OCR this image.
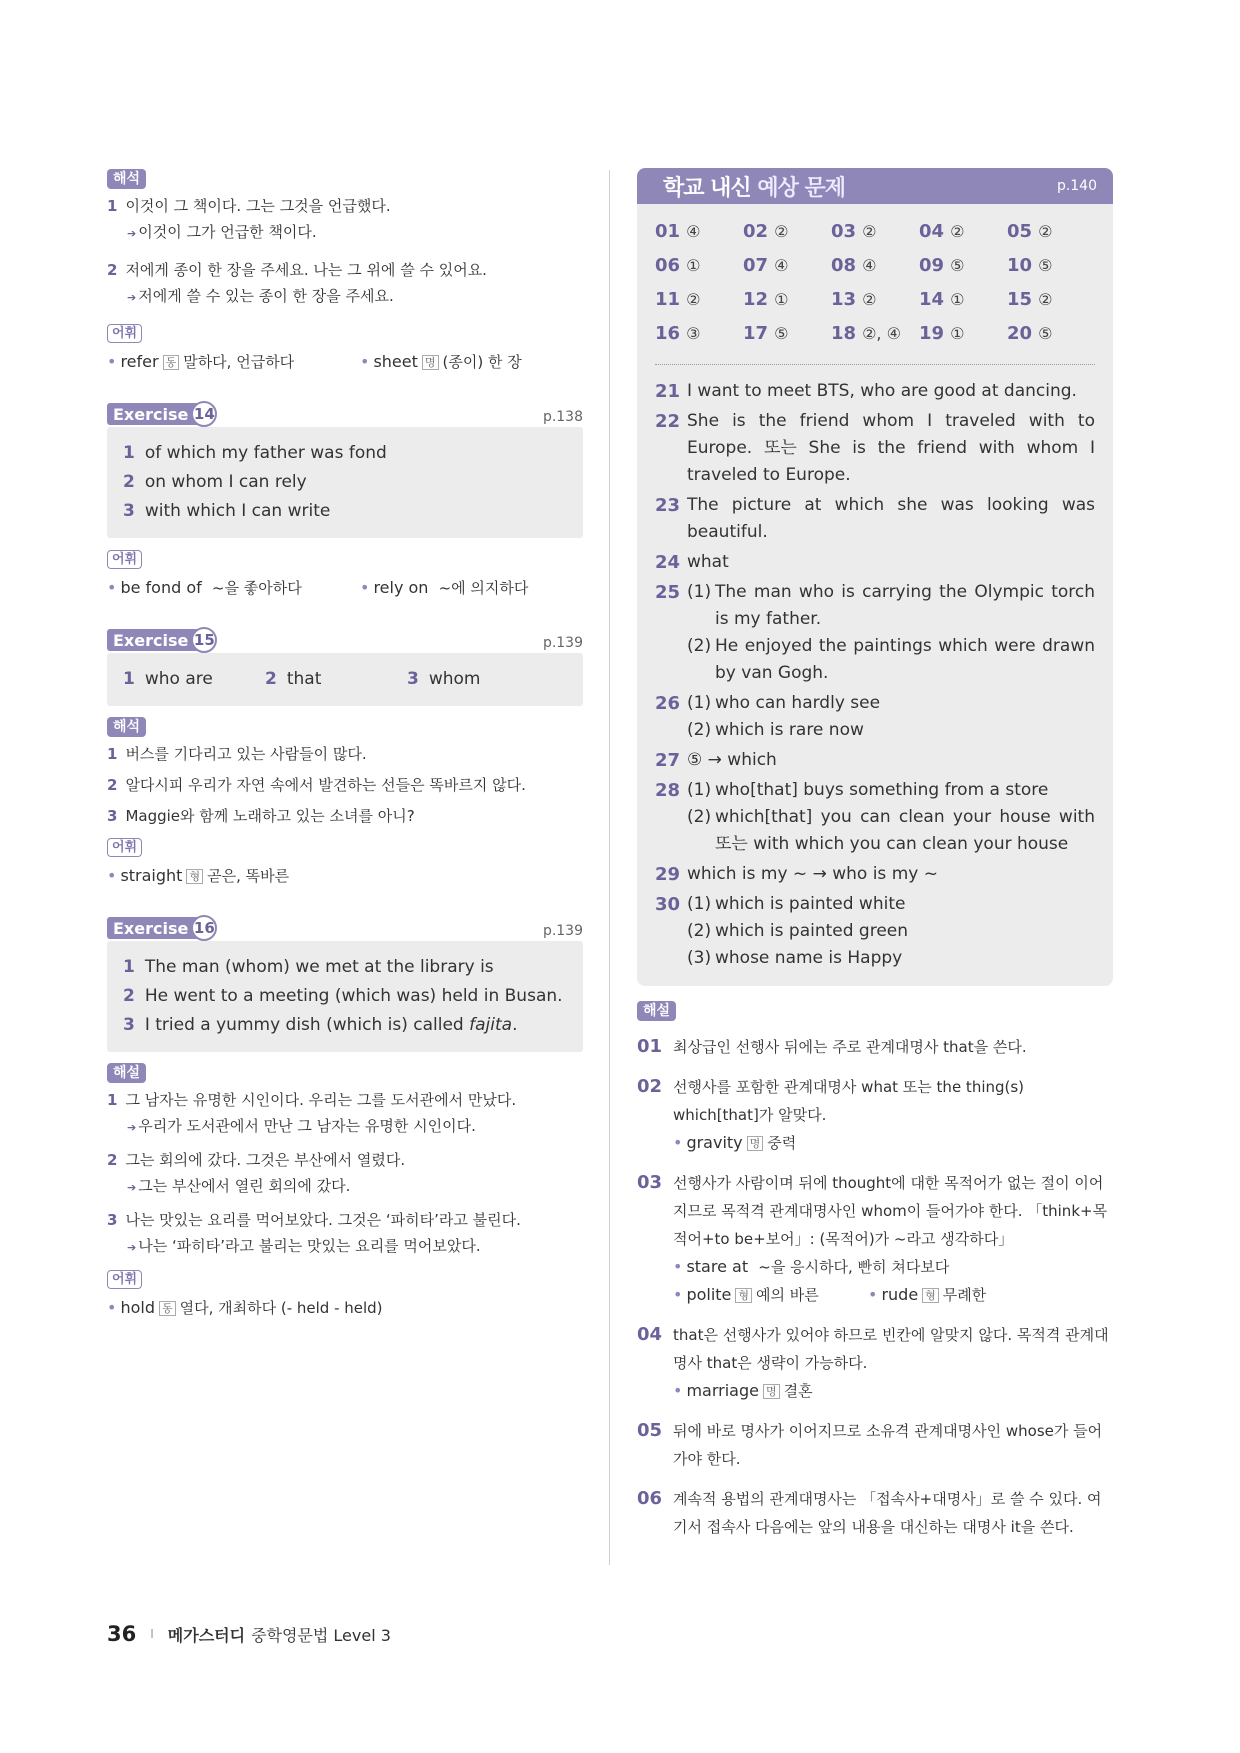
해석
1 이것이 그 책이다. 그는 그것을 언급했다.
➔ 이것이 그가 언급한 책이다.
2 저에게 종이 한 장을 주세요. 나는 그 위에 쓸 수 있어요.
➔ 저에게 쓸 수 있는 종이 한 장을 주세요.
어휘
• refer 동 말하다, 언급하다	• sheet 명 (종이) 한 장
Exercise 14	p.138
1 of which my father was fond
2 on whom I can rely
3 with which I can write
어휘
• be fond of ~을 좋아하다	• rely on ~에 의지하다
Exercise 15	p.139
1 who are	2 that	3 whom
해석
1 버스를 기다리고 있는 사람들이 많다.
2 알다시피 우리가 자연 속에서 발견하는 선들은 똑바르지 않다.
3 Maggie와 함께 노래하고 있는 소녀를 아니?
어휘
• straight 형 곧은, 똑바른
Exercise 16	p.139
1 The man (whom) we met at the library is
2 He went to a meeting (which was) held in Busan.
3 I tried a yummy dish (which is) called fajita.
해설
1 그 남자는 유명한 시인이다. 우리는 그를 도서관에서 만났다.
➔ 우리가 도서관에서 만난 그 남자는 유명한 시인이다.
2 그는 회의에 갔다. 그것은 부산에서 열렸다.
➔ 그는 부산에서 열린 회의에 갔다.
3 나는 맛있는 요리를 먹어보았다. 그것은 ‘파히타’라고 불린다.
➔ 나는 ‘파히타’라고 불리는 맛있는 요리를 먹어보았다.
어휘
• hold 동 열다, 개최하다 (- held - held)
학교 내신 예상 문제	p.140
01 ④	02 ②	03 ②	04 ②	05 ②
06 ①	07 ④	08 ④	09 ⑤	10 ⑤
11 ②	12 ①	13 ②	14 ①	15 ②
16 ③	17 ⑤	18 ②, ④	19 ①	20 ⑤
21 I want to meet BTS, who are good at dancing.
22 She is the friend whom I traveled with to Europe. 또는 She is the friend with whom I traveled to Europe.
23 The picture at which she was looking was beautiful.
24 what
25 (1) The man who is carrying the Olympic torch is my father.
(2) He enjoyed the paintings which were drawn by van Gogh.
26 (1) who can hardly see
(2) which is rare now
27 ⑤ → which
28 (1) who[that] buys something from a store
(2) which[that] you can clean your house with 또는 with which you can clean your house
29 which is my ~ → who is my ~
30 (1) which is painted white
(2) which is painted green
(3) whose name is Happy
해설
01 최상급인 선행사 뒤에는 주로 관계대명사 that을 쓴다.
02 선행사를 포함한 관계대명사 what 또는 the thing(s) which[that]가 알맞다.
• gravity 명 중력
03 선행사가 사람이며 뒤에 thought에 대한 목적어가 없는 절이 이어지므로 목적격 관계대명사인 whom이 들어가야 한다. 「think+목적어+to be+보어」: (목적어)가 ~라고 생각하다」
• stare at ~을 응시하다, 빤히 쳐다보다
• polite 형 예의 바른	• rude 형 무례한
04 that은 선행사가 있어야 하므로 빈칸에 알맞지 않다. 목적격 관계대명사 that은 생략이 가능하다.
• marriage 명 결혼
05 뒤에 바로 명사가 이어지므로 소유격 관계대명사인 whose가 들어가야 한다.
06 계속적 용법의 관계대명사는 「접속사+대명사」로 쓸 수 있다. 여기서 접속사 다음에는 앞의 내용을 대신하는 대명사 it을 쓴다.
36 I 메가스터디 중학영문법 Level 3
